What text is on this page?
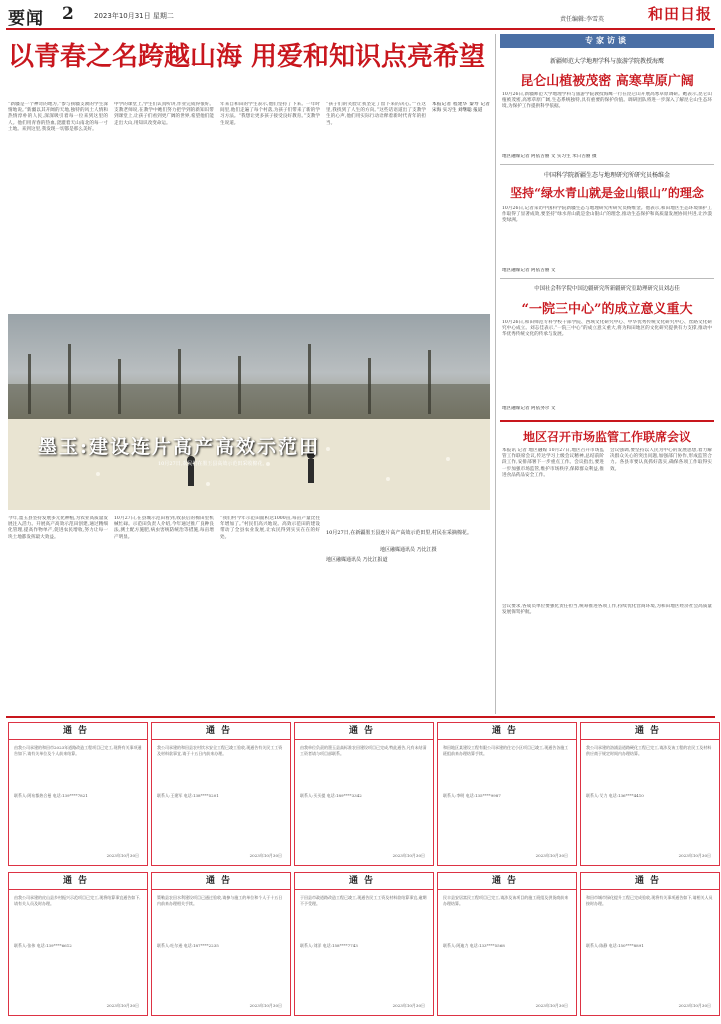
要闻 2	2023年10月31日 星期二	责任编辑:李雪英	和田日报
以青春之名跨越山海 用爱和知识点亮希望
“新疆是一个神奇的地方,“参与援疆支教的学生深情地说。”新疆以其开阔的天地,独特的风土人情和热情淳朴的人民,深深吸引着每一位来到这里的人。他们用青春的热血,浇灌着天山南北的每一寸土地。来到这里,我发现一切都是那么美好。
中学的课堂上,学生们认真听讲,作业完成得很好。支教老师说,在教学中她们努力把学到的新知识带到课堂上,让孩子们看到更广阔的世界,希望他们能走出大山,用知识改变命运。
年来自和田的学生表示,他们坚持了下来。一年时间里,他们走遍了每个村落,为孩子们带来了新的学习方法。“我想让更多孩子接受良好教育。”支教学生说道。
“孩子们的笑脸让我坚定了留下来的决心。”“在这里,我找到了人生的方向。”这些话语道出了支教学生的心声,他们用实际行动诠释着新时代青年的担当。
本报记者 程建华 秦寿 记者 宋海 实习生 刘继聪 报道
墨玉:建设连片高产高效示范田
10月27日,农民们在墨玉县高效示范田采收棉花。
今年,墨玉县坚持发展多元化种植,为农业高质量发展注入活力。开展高产高效示范田创建,通过精细化管理,提高作物单产,促进农民增收,努力让每一块土地都发挥最大效益。
10月27日,在县城示范田看到,收获后的棉田里机械忙碌。示范田负责人介绍,今年通过推广良种良法,测土配方施肥,病虫害统防统治等措施,每亩增产明显。
“我们村今年示范田面积达1000亩,每亩产量比往年增加了。”村民们高兴地说。高效示范田的建设带动了全县农业发展,让农民得到实实在在的好处。
10月27日,在新疆墨玉县连片高产高效示范田里,村民在采摘棉花。
地区融媒通讯员 乃比江摄
地区融媒通讯员 乃比江报道
专家访谈
新疆师范大学地理学科与旅游学院教授海鹰
昆仑山植被茂密 高寒草原广阔
10月26日,新疆师范大学地理学科与旅游学院教授海鹰一行在昆仑山开展高寒草原调研。她表示,昆仑山植被茂密,高寒草原广阔,生态系统独特,具有重要的保护价值。调研团队将进一步深入了解昆仑山生态环境,为保护工作提供科学依据。
地区融媒记者 阿依古丽 文 实习生 米日古丽 摄
中国科学院新疆生态与地理研究所研究员杨维金
坚持“绿水青山就是金山银山”的理念
10月26日,记者采访中国科学院新疆生态与地理研究所研究员杨维金。他表示,和田地区生态环境保护工作取得了显著成效,要坚持“绿水青山就是金山银山”的理念,推动生态保护和高质量发展协同共进,让沙漠变绿洲。
地区融媒记者 阿依古丽 文
中国社会科学院中国边疆研究所新疆研究室助理研究员刘志佳
“一院三中心”的成立意义重大
10月26日,和田师范专科学校干部学院、西域文化研究中心、中华优秀传统文化研究中心、丝路文化研究中心成立。刘志佳表示,“一院三中心”的成立意义重大,将为和田地区的文化研究提供有力支撑,推动中华优秀传统文化的传承与发展。
地区融媒记者 阿依努尔 文
地区召开市场监管工作联席会议
本报讯 记者 地区融媒 10月27日,地区召开市场监管工作联席会议,传达学习上级会议精神,总结前阶段工作,安排部署下一步重点工作。会议指出,要进一步加强市场监管,维护市场秩序,保障群众利益,推进食品药品安全工作。
会议强调,要坚持以人民为中心的发展思想,着力解决群众关心的突出问题,加强部门协作,形成监管合力。各县市要认真抓好落实,确保各项工作取得实效。
会议要求,各成员单位要强化责任担当,统筹推进各项工作,持续优化营商环境,为和田地区经济社会高质量发展保驾护航。
通告
由我公司承建的和田市2023年道路改造工程项目已完工,现将有关事项通告如下,请有关单位及个人前来结算。
联系人:阿布都热合曼 电话:139****7821
2023年10月30日
通告
我公司承建的和田县农村饮水安全工程已竣工验收,现通告有关民工工资及材料款事宜,请于十五日内前来办理。
联系人:王建军 电话:138****5201
2023年10月30日
通告
由我单位负责的墨玉县高标准农田建设项目已完成,特此通告,凡有未结清工资者请与项目部联系。
联系人:买买提 电话:189****3342
2023年10月30日
通告
和田地区某建设工程有限公司承建的住宅小区项目已竣工,现通告各施工班组前来办理结算手续。
联系人:李明 电话:135****9987
2023年10月30日
通告
我公司承建的洛浦县道路硬化工程已完工,请涉及该工程的农民工及材料供应商于规定时间内办理结算。
联系人:艾力 电话:136****4410
2023年10月30日
通告
由我公司承建的皮山县乡村振兴示范项目已完工,现将结算事宜通告如下,请有关人员及时办理。
联系人:张伟 电话:139****6612
2023年10月30日
通告
策勒县农田水利建设项目已通过验收,请参与施工的单位和个人于十五日内前来办理相关手续。
联系人:吐尔逊 电话:187****2235
2023年10月30日
通告
于田县市政道路改造工程已竣工,现通告民工工资及材料款结算事宜,逾期不予受理。
联系人:刘洋 电话:158****7743
2023年10月30日
通告
民丰县安居富民工程项目已完工,请涉及该项目的施工班组及供货商前来办理结算。
联系人:阿迪力 电话:133****5568
2023年10月30日
通告
和田市城市绿化提升工程已完成验收,现将有关事项通告如下,请相关人员按时办理。
联系人:陈静 电话:150****8891
2023年10月30日
